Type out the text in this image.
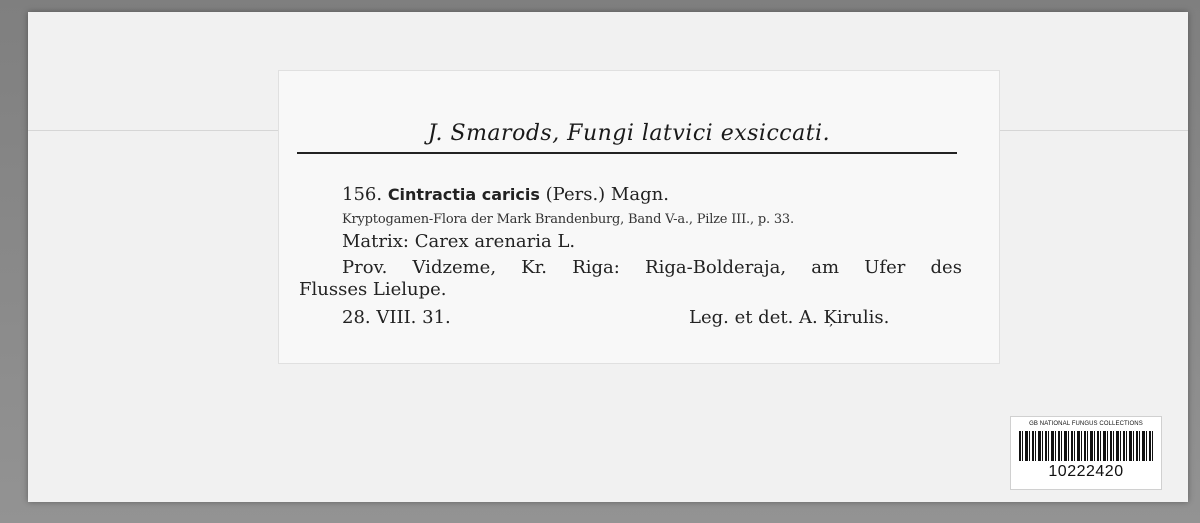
J. Smarods, Fungi latvici exsiccati.
156. Cintractia caricis (Pers.) Magn.
Kryptogamen-Flora der Mark Brandenburg, Band V-a., Pilze III., p. 33.
Matrix: Carex arenaria L.
Prov. Vidzeme, Kr. Riga: Riga-Bolderaja, am Ufer des
Flusses Lielupe.
28. VIII. 31.	Leg. et det. A. Ķirulis.
GB NATIONAL FUNGUS COLLECTIONS
10222420
